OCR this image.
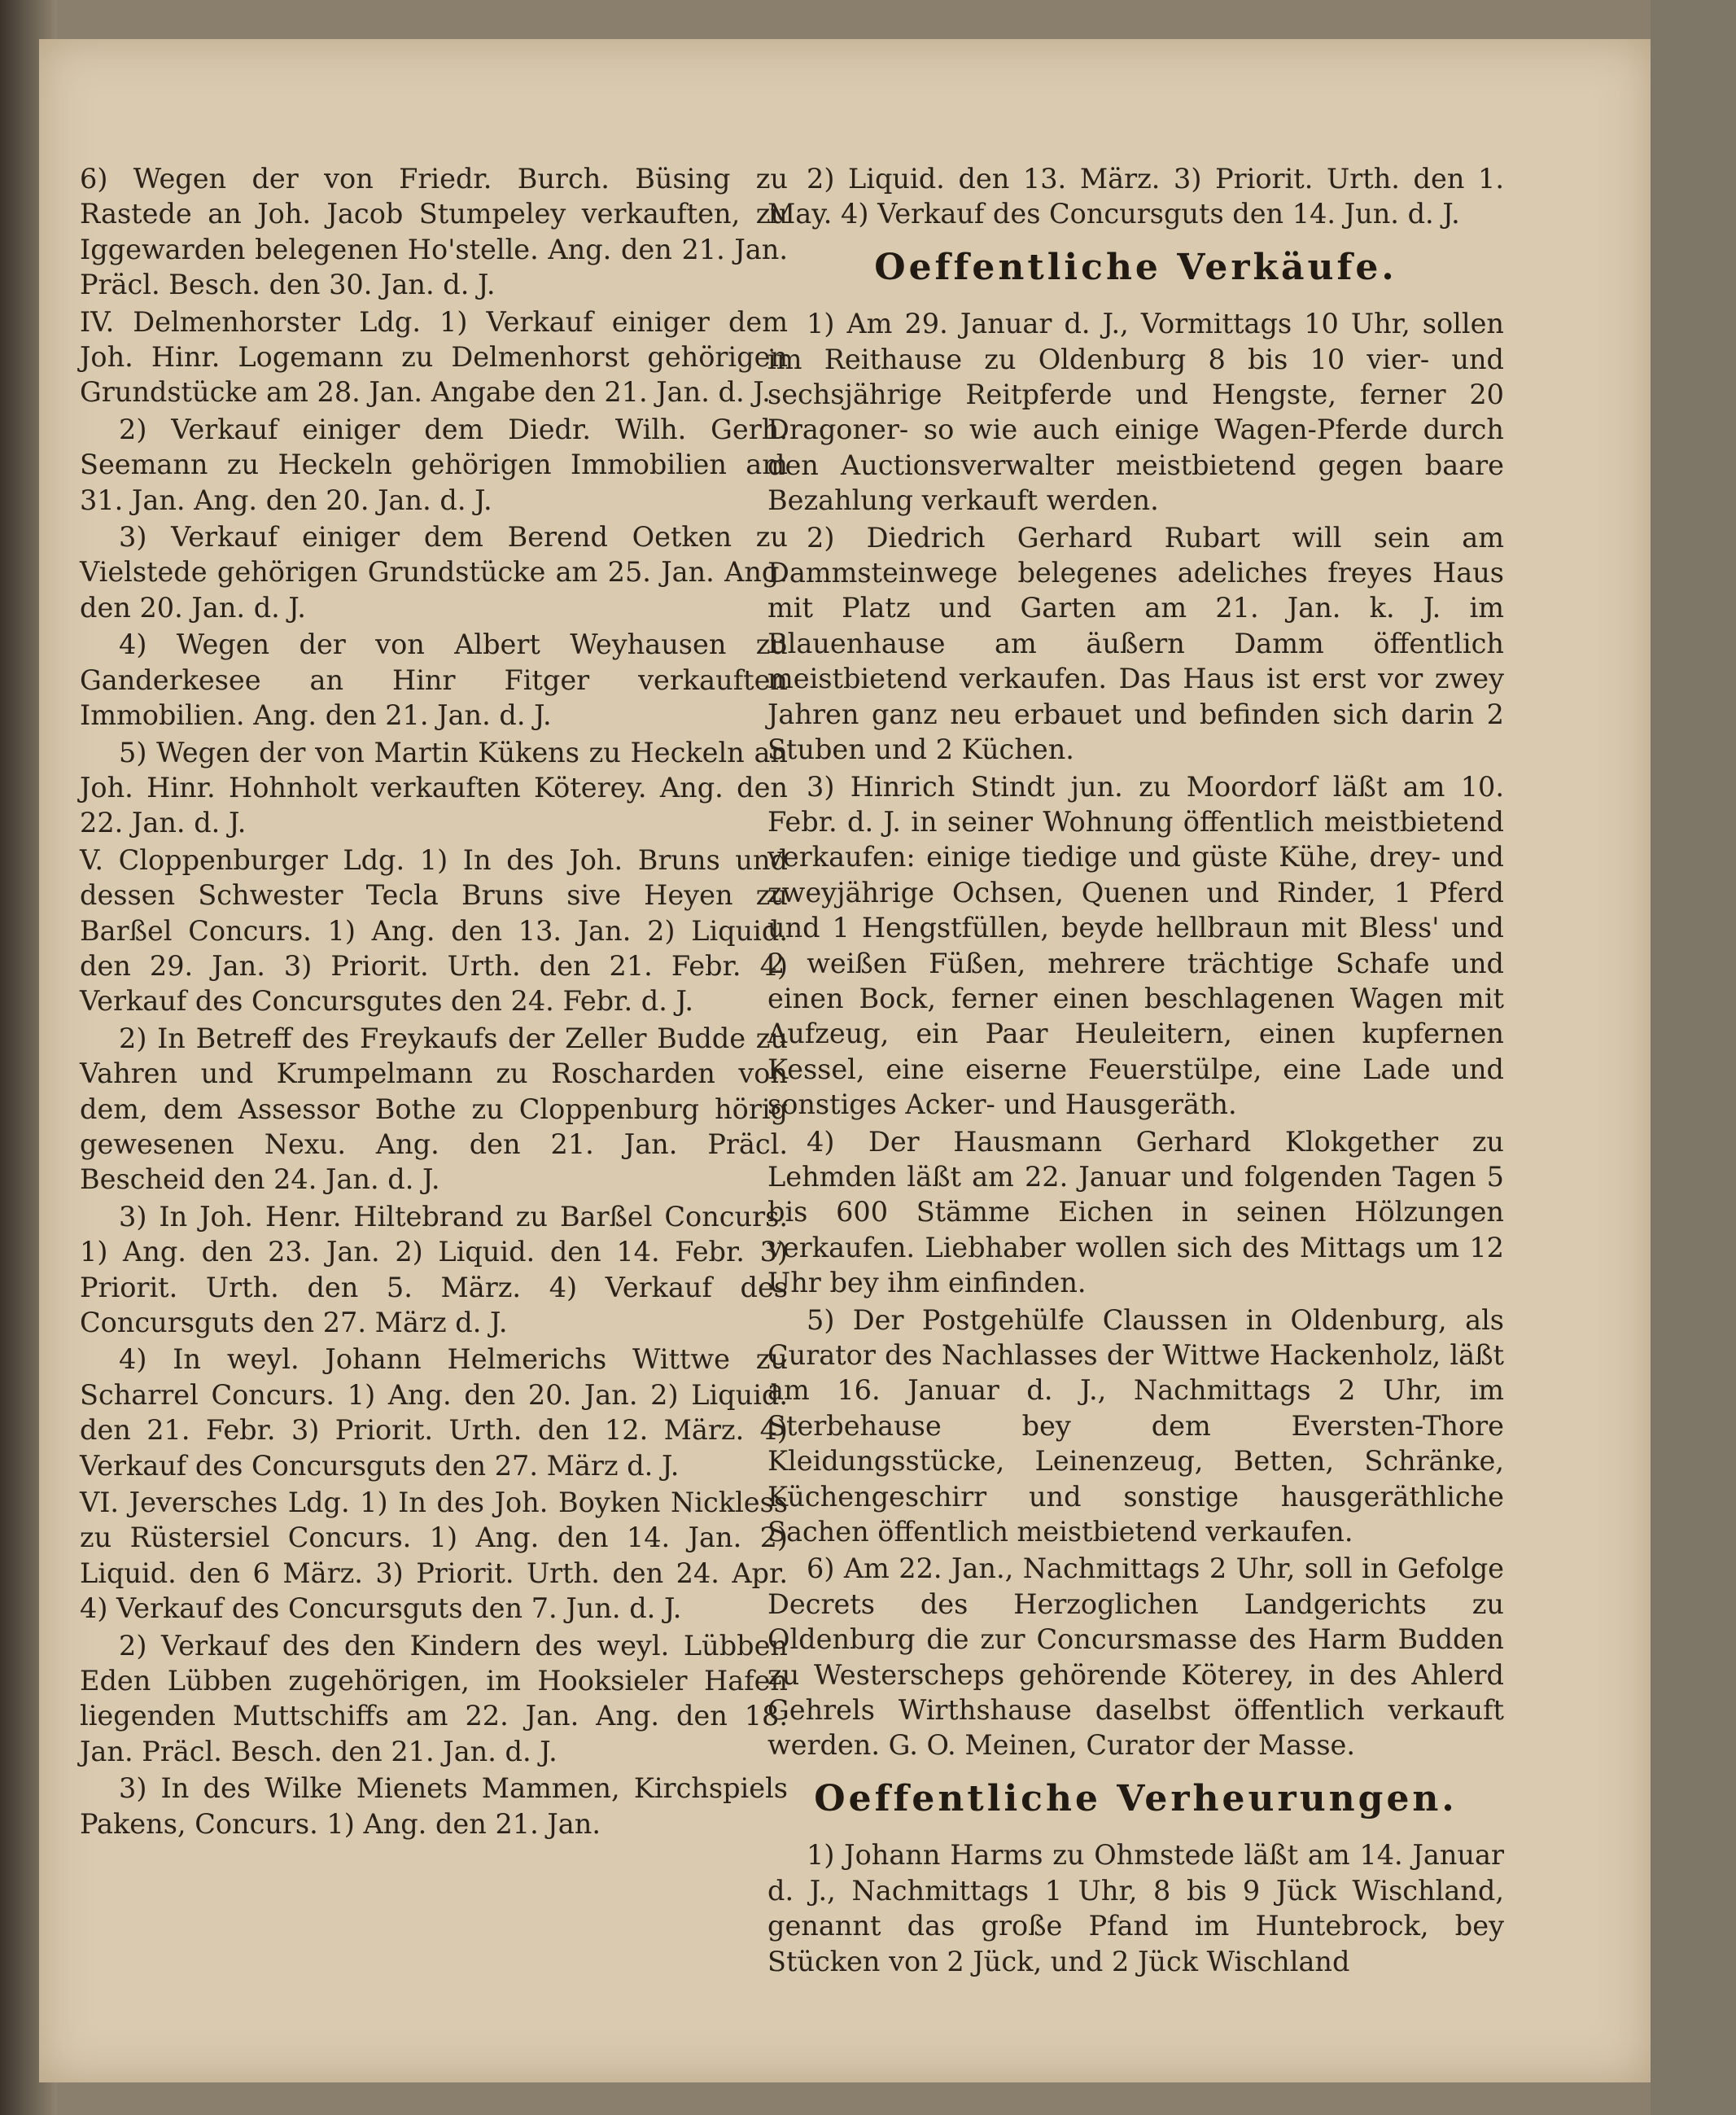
6) Wegen der von Friedr. Burch. Büsing zu Rastede an Joh. Jacob Stumpeley verkauften, zu Iggewarden belegenen Ho'stelle. Ang. den 21. Jan. Präcl. Besch. den 30. Jan. d. J.

IV. Delmenhorster Ldg. 1) Verkauf einiger dem Joh. Hinr. Logemann zu Delmenhorst gehörigen Grundstücke am 28. Jan. Angabe den 21. Jan. d. J.

2) Verkauf einiger dem Diedr. Wilh. Gerh. Seemann zu Heckeln gehörigen Immobilien am 31. Jan. Ang. den 20. Jan. d. J.

3) Verkauf einiger dem Berend Oetken zu Vielstede gehörigen Grundstücke am 25. Jan. Ang. den 20. Jan. d. J.

4) Wegen der von Albert Weyhausen zu Ganderkesee an Hinr Fitger verkauften Immobilien. Ang. den 21. Jan. d. J.

5) Wegen der von Martin Kükens zu Heckeln an Joh. Hinr. Hohnholt verkauften Köterey. Ang. den 22. Jan. d. J.

V. Cloppenburger Ldg. 1) In des Joh. Bruns und dessen Schwester Tecla Bruns sive Heyen zu Barßel Concurs. 1) Ang. den 13. Jan. 2) Liquid. den 29. Jan. 3) Priorit. Urth. den 21. Febr. 4) Verkauf des Concursgutes den 24. Febr. d. J.

2) In Betreff des Freykaufs der Zeller Budde zu Vahren und Krumpelmann zu Roscharden von dem, dem Assessor Bothe zu Cloppenburg hörig gewesenen Nexu. Ang. den 21. Jan. Präcl. Bescheid den 24. Jan. d. J.

3) In Joh. Henr. Hiltebrand zu Barßel Concurs. 1) Ang. den 23. Jan. 2) Liquid. den 14. Febr. 3) Priorit. Urth. den 5. März. 4) Verkauf des Concursguts den 27. März d. J.

4) In weyl. Johann Helmerichs Wittwe zu Scharrel Concurs. 1) Ang. den 20. Jan. 2) Liquid. den 21. Febr. 3) Priorit. Urth. den 12. März. 4) Verkauf des Concursguts den 27. März d. J.

VI. Jeversches Ldg. 1) In des Joh. Boyken Nickless zu Rüstersiel Concurs. 1) Ang. den 14. Jan. 2) Liquid. den 6 März. 3) Priorit. Urth. den 24. Apr. 4) Verkauf des Concursguts den 7. Jun. d. J.

2) Verkauf des den Kindern des weyl. Lübben Eden Lübben zugehörigen, im Hooksieler Hafen liegenden Muttschiffs am 22. Jan. Ang. den 18. Jan. Präcl. Besch. den 21. Jan. d. J.

3) In des Wilke Mienets Mammen, Kirchspiels Pakens, Concurs. 1) Ang. den 21. Jan.

2) Liquid. den 13. März. 3) Priorit. Urth. den 1. May. 4) Verkauf des Concursguts den 14. Jun. d. J.

Oeffentliche Verkäufe.

1) Am 29. Januar d. J., Vormittags 10 Uhr, sollen im Reithause zu Oldenburg 8 bis 10 vier- und sechsjährige Reitpferde und Hengste, ferner 20 Dragoner- so wie auch einige Wagen-Pferde durch den Auctionsverwalter meistbietend gegen baare Bezahlung verkauft werden.

2) Diedrich Gerhard Rubart will sein am Dammsteinwege belegenes adeliches freyes Haus mit Platz und Garten am 21. Jan. k. J. im Blauenhause am äußern Damm öffentlich meistbietend verkaufen. Das Haus ist erst vor zwey Jahren ganz neu erbauet und befinden sich darin 2 Stuben und 2 Küchen.

3) Hinrich Stindt jun. zu Moordorf läßt am 10. Febr. d. J. in seiner Wohnung öffentlich meistbietend verkaufen: einige tiedige und güste Kühe, drey- und zweyjährige Ochsen, Quenen und Rinder, 1 Pferd und 1 Hengstfüllen, beyde hellbraun mit Bless' und 2 weißen Füßen, mehrere trächtige Schafe und einen Bock, ferner einen beschlagenen Wagen mit Aufzeug, ein Paar Heuleitern, einen kupfernen Kessel, eine eiserne Feuerstülpe, eine Lade und sonstiges Acker- und Hausgeräth.

4) Der Hausmann Gerhard Klokgether zu Lehmden läßt am 22. Januar und folgenden Tagen 5 bis 600 Stämme Eichen in seinen Hölzungen verkaufen. Liebhaber wollen sich des Mittags um 12 Uhr bey ihm einfinden.

5) Der Postgehülfe Claussen in Oldenburg, als Curator des Nachlasses der Wittwe Hackenholz, läßt am 16. Januar d. J., Nachmittags 2 Uhr, im Sterbehause bey dem Eversten-Thore Kleidungsstücke, Leinenzeug, Betten, Schränke, Küchengeschirr und sonstige hausgeräthliche Sachen öffentlich meistbietend verkaufen.

6) Am 22. Jan., Nachmittags 2 Uhr, soll in Gefolge Decrets des Herzoglichen Landgerichts zu Oldenburg die zur Concursmasse des Harm Budden zu Westerscheps gehörende Köterey, in des Ahlerd Gehrels Wirthshause daselbst öffentlich verkauft werden. G. O. Meinen, Curator der Masse.

Oeffentliche Verheurungen.

1) Johann Harms zu Ohmstede läßt am 14. Januar d. J., Nachmittags 1 Uhr, 8 bis 9 Jück Wischland, genannt das große Pfand im Huntebrock, bey Stücken von 2 Jück, und 2 Jück Wischland
